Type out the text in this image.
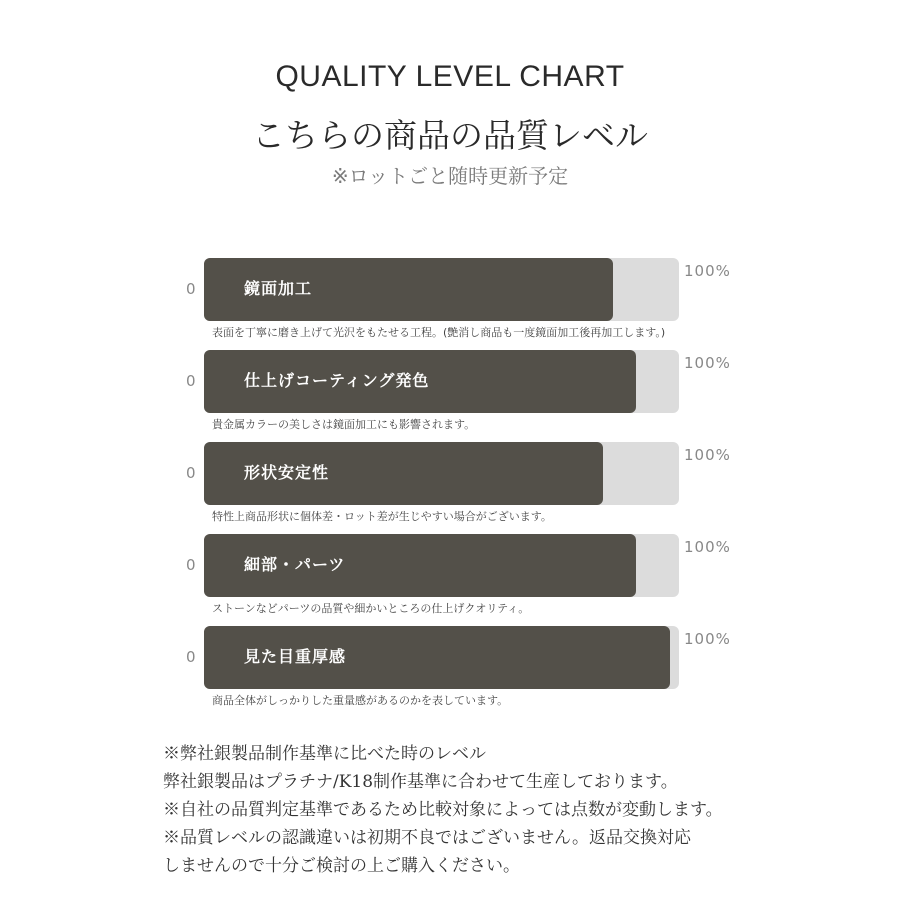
QUALITY LEVEL CHART
こちらの商品の品質レベル
※ロットごと随時更新予定
0	鏡面加工
100%
表面を丁寧に磨き上げて光沢をもたせる工程。(艶消し商品も一度鏡面加工後再加工します。)
0	仕上げコーティング発色
100%
貴金属カラーの美しさは鏡面加工にも影響されます。
0	形状安定性
100%
特性上商品形状に個体差・ロット差が生じやすい場合がございます。
0	細部・パーツ
100%
ストーンなどパーツの品質や細かいところの仕上げクオリティ。
0	見た目重厚感
100%
商品全体がしっかりした重量感があるのかを表しています。
※弊社銀製品制作基準に比べた時のレベル
弊社銀製品はプラチナ/K18制作基準に合わせて生産しております。
※自社の品質判定基準であるため比較対象によっては点数が変動します。
※品質レベルの認識違いは初期不良ではございません。返品交換対応
しませんので十分ご検討の上ご購入ください。
